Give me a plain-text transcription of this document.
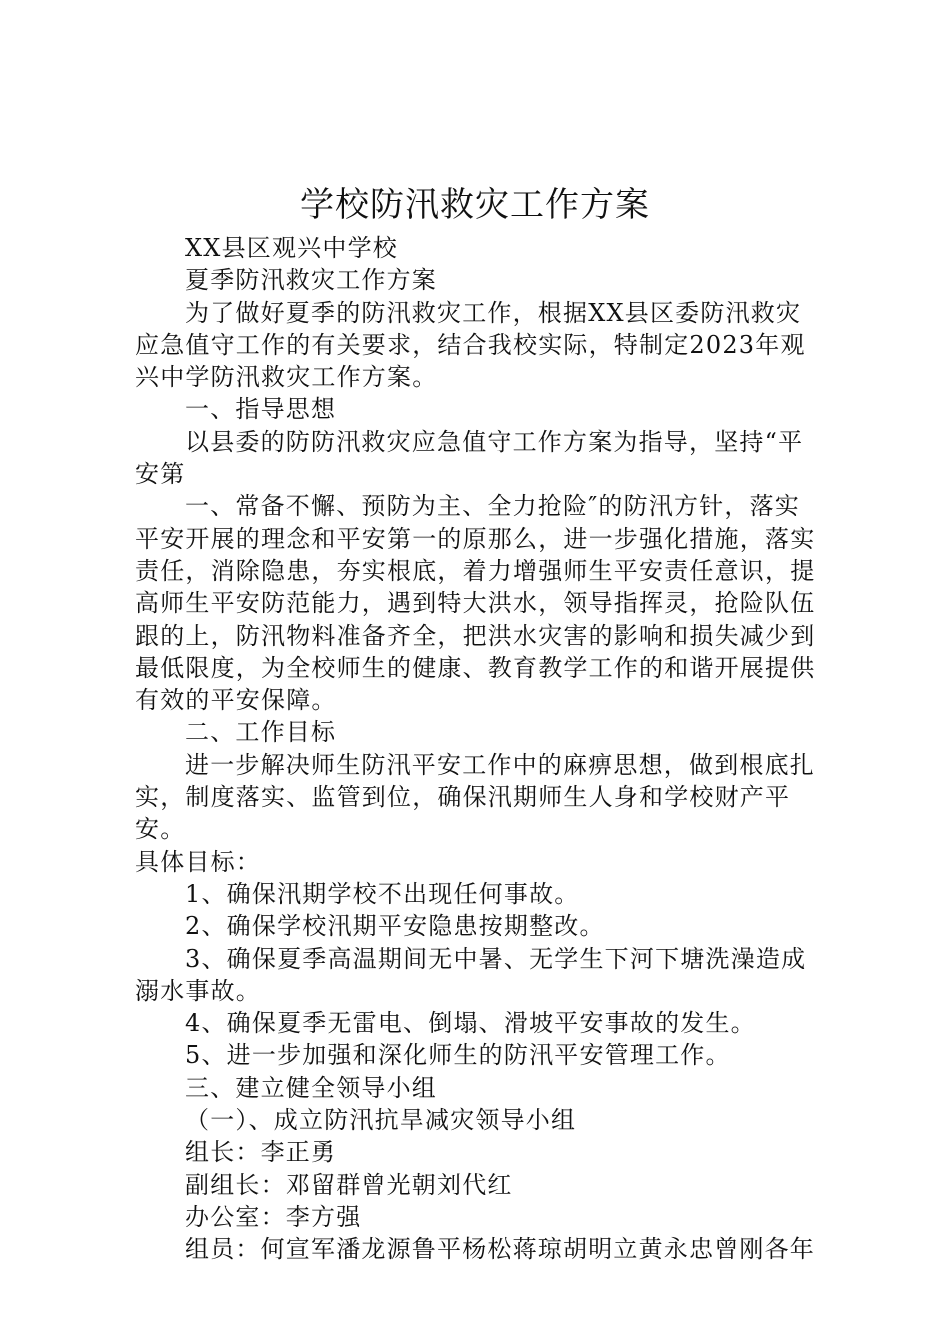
学校防汛救灾工作方案

XX县区观兴中学校

夏季防汛救灾工作方案

为了做好夏季的防汛救灾工作，根据XX县区委防汛救灾
应急值守工作的有关要求，结合我校实际，特制定2023年观
兴中学防汛救灾工作方案。

一、指导思想

以县委的防防汛救灾应急值守工作方案为指导，坚持“平
安第

一、常备不懈、预防为主、全力抢险″的防汛方针，落实
平安开展的理念和平安第一的原那么，进一步强化措施，落实
责任，消除隐患，夯实根底，着力增强师生平安责任意识，提
高师生平安防范能力，遇到特大洪水，领导指挥灵，抢险队伍
跟的上，防汛物料准备齐全，把洪水灾害的影响和损失减少到
最低限度，为全校师生的健康、教育教学工作的和谐开展提供
有效的平安保障。

二、工作目标

进一步解决师生防汛平安工作中的麻痹思想，做到根底扎
实，制度落实、监管到位，确保汛期师生人身和学校财产平安。
具体目标：

1、确保汛期学校不出现任何事故。

2、确保学校汛期平安隐患按期整改。

3、确保夏季高温期间无中暑、无学生下河下塘洗澡造成
溺水事故。

4、确保夏季无雷电、倒塌、滑坡平安事故的发生。

5、进一步加强和深化师生的防汛平安管理工作。

三、建立健全领导小组

（一）、成立防汛抗旱减灾领导小组

组长：李正勇

副组长：邓留群曾光朝刘代红

办公室：李方强

组员：何宣军潘龙源鲁平杨松蒋琼胡明立黄永忠曾刚各年
